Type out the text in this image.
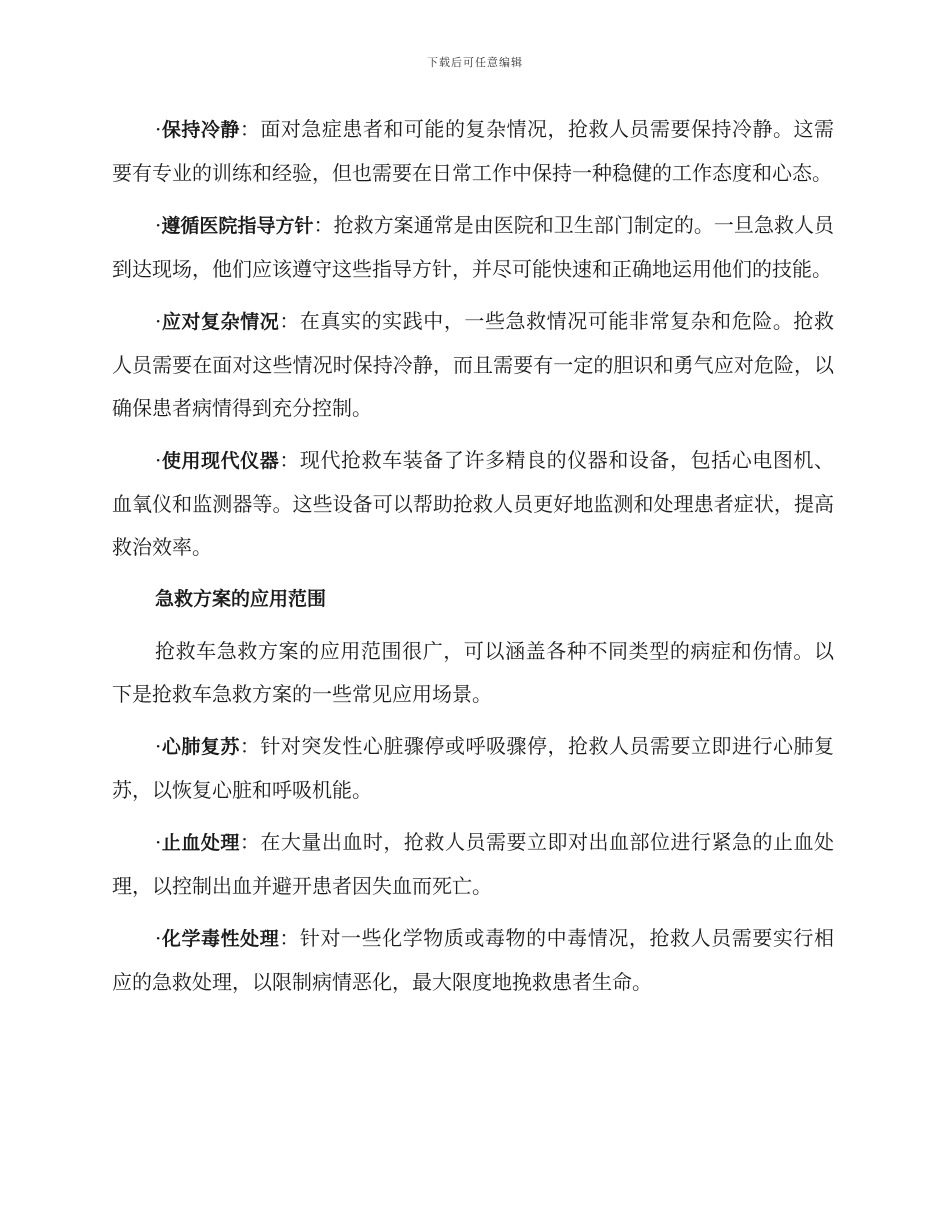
下载后可任意编辑

·保持冷静：面对急症患者和可能的复杂情况，抢救人员需要保持冷静。这需要有专业的训练和经验，但也需要在日常工作中保持一种稳健的工作态度和心态。

·遵循医院指导方针：抢救方案通常是由医院和卫生部门制定的。一旦急救人员到达现场，他们应该遵守这些指导方针，并尽可能快速和正确地运用他们的技能。

·应对复杂情况：在真实的实践中，一些急救情况可能非常复杂和危险。抢救人员需要在面对这些情况时保持冷静，而且需要有一定的胆识和勇气应对危险，以确保患者病情得到充分控制。

·使用现代仪器：现代抢救车装备了许多精良的仪器和设备，包括心电图机、血氧仪和监测器等。这些设备可以帮助抢救人员更好地监测和处理患者症状，提高救治效率。

急救方案的应用范围

抢救车急救方案的应用范围很广，可以涵盖各种不同类型的病症和伤情。以下是抢救车急救方案的一些常见应用场景。

·心肺复苏：针对突发性心脏骤停或呼吸骤停，抢救人员需要立即进行心肺复苏，以恢复心脏和呼吸机能。

·止血处理：在大量出血时，抢救人员需要立即对出血部位进行紧急的止血处理，以控制出血并避开患者因失血而死亡。

·化学毒性处理：针对一些化学物质或毒物的中毒情况，抢救人员需要实行相应的急救处理，以限制病情恶化，最大限度地挽救患者生命。
